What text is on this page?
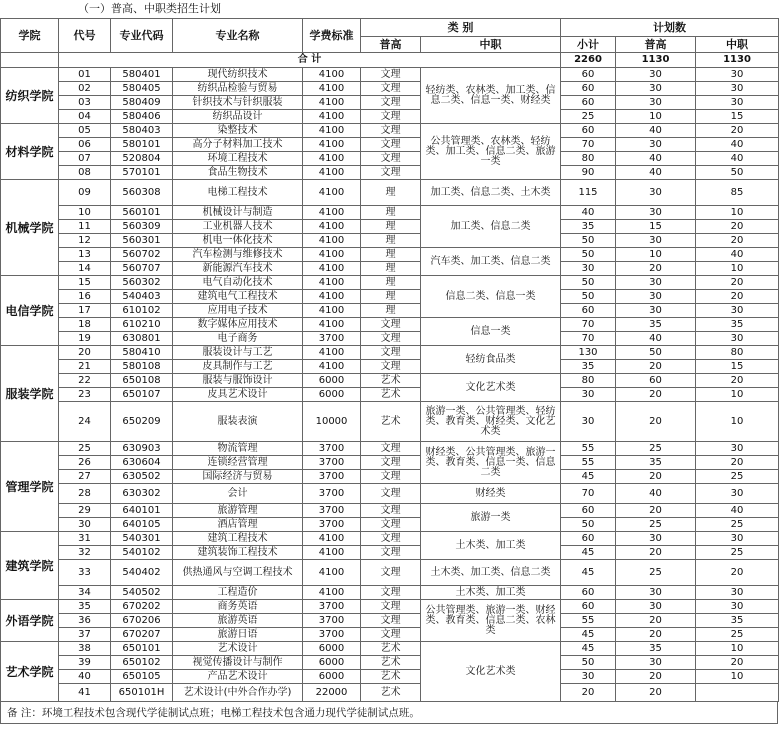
（一）普高、中职类招生计划
学院	代号	专业代码	专业名称	学费标准	类 别		计划数		
					普高	中职	小计	普高	中职
	合 计						2260	1130	1130
纺织学院	01	580401	现代纺织技术	4100	文理	轻纺类、农林类、加工类、信息二类、信息一类、财经类	60	30	30
	02	580405	纺织品检验与贸易	4100	文理		60	30	30
	03	580409	针织技术与针织服装	4100	文理		60	30	30
	04	580406	纺织品设计	4100	文理		25	10	15
材料学院	05	580403	染整技术	4100	文理	公共管理类、农林类、轻纺类、加工类、信息二类、旅游一类	60	40	20
	06	580101	高分子材料加工技术	4100	文理		70	30	40
	07	520804	环境工程技术	4100	文理		80	40	40
	08	570101	食品生物技术	4100	文理		90	40	50
机械学院	09	560308	电梯工程技术	4100	理	加工类、信息二类、土木类	115	30	85
	10	560101	机械设计与制造	4100	理	加工类、信息二类	40	30	10
	11	560309	工业机器人技术	4100	理		35	15	20
	12	560301	机电一体化技术	4100	理		50	30	20
	13	560702	汽车检测与维修技术	4100	理	汽车类、加工类、信息二类	50	10	40
	14	560707	新能源汽车技术	4100	理		30	20	10
电信学院	15	560302	电气自动化技术	4100	理	信息二类、信息一类	50	30	20
	16	540403	建筑电气工程技术	4100	理		50	30	20
	17	610102	应用电子技术	4100	理		60	30	30
	18	610210	数字媒体应用技术	4100	文理	信息一类	70	35	35
	19	630801	电子商务	3700	文理		70	40	30
服装学院	20	580410	服装设计与工艺	4100	文理	轻纺食品类	130	50	80
	21	580108	皮具制作与工艺	4100	文理		35	20	15
	22	650108	服装与服饰设计	6000	艺术	文化艺术类	80	60	20
	23	650107	皮具艺术设计	6000	艺术		30	20	10
	24	650209	服装表演	10000	艺术	旅游一类、公共管理类、轻纺类、教育类、财经类、文化艺术类	30	20	10
管理学院	25	630903	物流管理	3700	文理	财经类、公共管理类、旅游一类、教育类、信息一类、信息二类	55	25	30
	26	630604	连锁经营管理	3700	文理		55	35	20
	27	630502	国际经济与贸易	3700	文理		45	20	25
	28	630302	会计	3700	文理	财经类	70	40	30
	29	640101	旅游管理	3700	文理	旅游一类	60	20	40
	30	640105	酒店管理	3700	文理		50	25	25
建筑学院	31	540301	建筑工程技术	4100	文理	土木类、加工类	60	30	30
	32	540102	建筑装饰工程技术	4100	文理		45	20	25
	33	540402	供热通风与空调工程技术	4100	文理	土木类、加工类、信息二类	45	25	20
	34	540502	工程造价	4100	文理	土木类、加工类	60	30	30
外语学院	35	670202	商务英语	3700	文理	公共管理类、旅游一类、财经类、教育类、信息二类、农林类	60	30	30
	36	670206	旅游英语	3700	文理		55	20	35
	37	670207	旅游日语	3700	文理		45	20	25
艺术学院	38	650101	艺术设计	6000	艺术	文化艺术类	45	35	10
	39	650102	视觉传播设计与制作	6000	艺术		50	30	20
	40	650105	产品艺术设计	6000	艺术		30	20	10
	41	650101H	艺术设计(中外合作办学)	22000	艺术		20	20	
备 注：环境工程技术包含现代学徒制试点班；电梯工程技术包含通力现代学徒制试点班。
